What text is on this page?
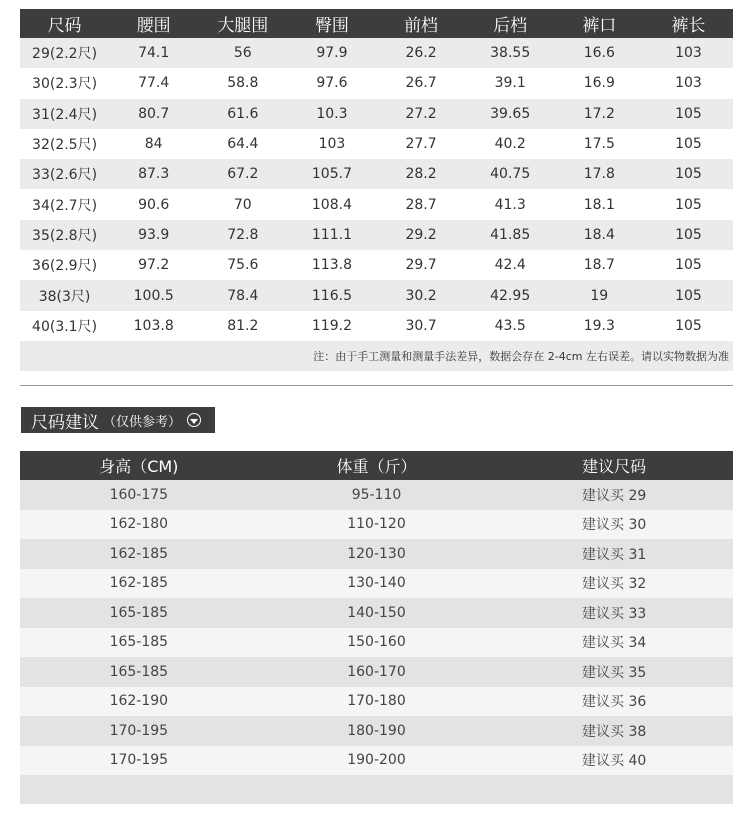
尺码	腰围	大腿围	臀围	前档	后档	裤口	裤长
29(2.2尺)	74.1	56	97.9	26.2	38.55	16.6	103
30(2.3尺)	77.4	58.8	97.6	26.7	39.1	16.9	103
31(2.4尺)	80.7	61.6	10.3	27.2	39.65	17.2	105
32(2.5尺)	84	64.4	103	27.7	40.2	17.5	105
33(2.6尺)	87.3	67.2	105.7	28.2	40.75	17.8	105
34(2.7尺)	90.6	70	108.4	28.7	41.3	18.1	105
35(2.8尺)	93.9	72.8	111.1	29.2	41.85	18.4	105
36(2.9尺)	97.2	75.6	113.8	29.7	42.4	18.7	105
38(3尺)	100.5	78.4	116.5	30.2	42.95	19	105
40(3.1尺)	103.8	81.2	119.2	30.7	43.5	19.3	105
注：由于手工测量和测量手法差异，数据会存在 2-4cm 左右误差。请以实物数据为准							
尺码建议 （仅供参考）
身高（CM)	体重（斤）	建议尺码
160-175	95-110	建议买 29
162-180	110-120	建议买 30
162-185	120-130	建议买 31
162-185	130-140	建议买 32
165-185	140-150	建议买 33
165-185	150-160	建议买 34
165-185	160-170	建议买 35
162-190	170-180	建议买 36
170-195	180-190	建议买 38
170-195	190-200	建议买 40
